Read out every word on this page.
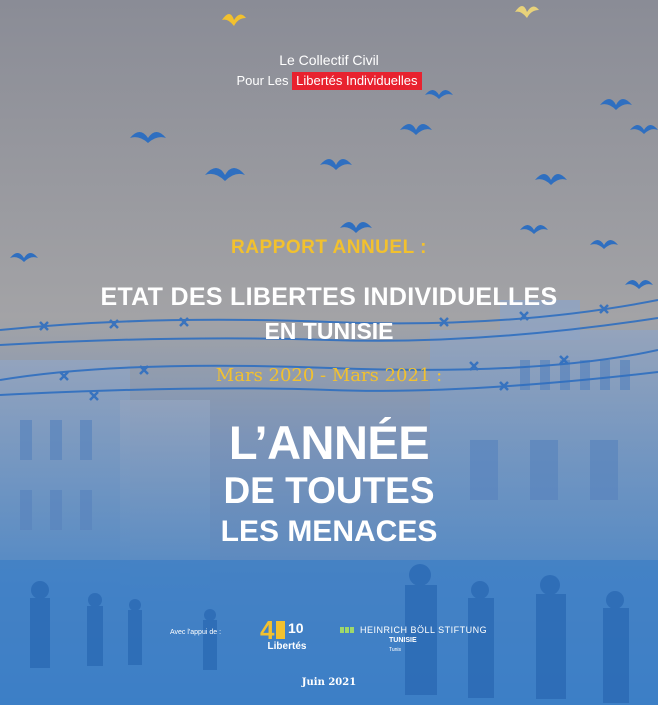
Le Collectif Civil
Pour Les Libertés Individuelles
RAPPORT ANNUEL :
ETAT DES LIBERTES INDIVIDUELLES
EN TUNISIE
Mars 2020 - Mars 2021 :
L’ANNÉE
DE TOUTES
LES MENACES
Avec l'appui de : 4 10
Libertés
HEINRICH BÖLL STIFTUNG
TUNISIE
Tunis
Juin 2021
